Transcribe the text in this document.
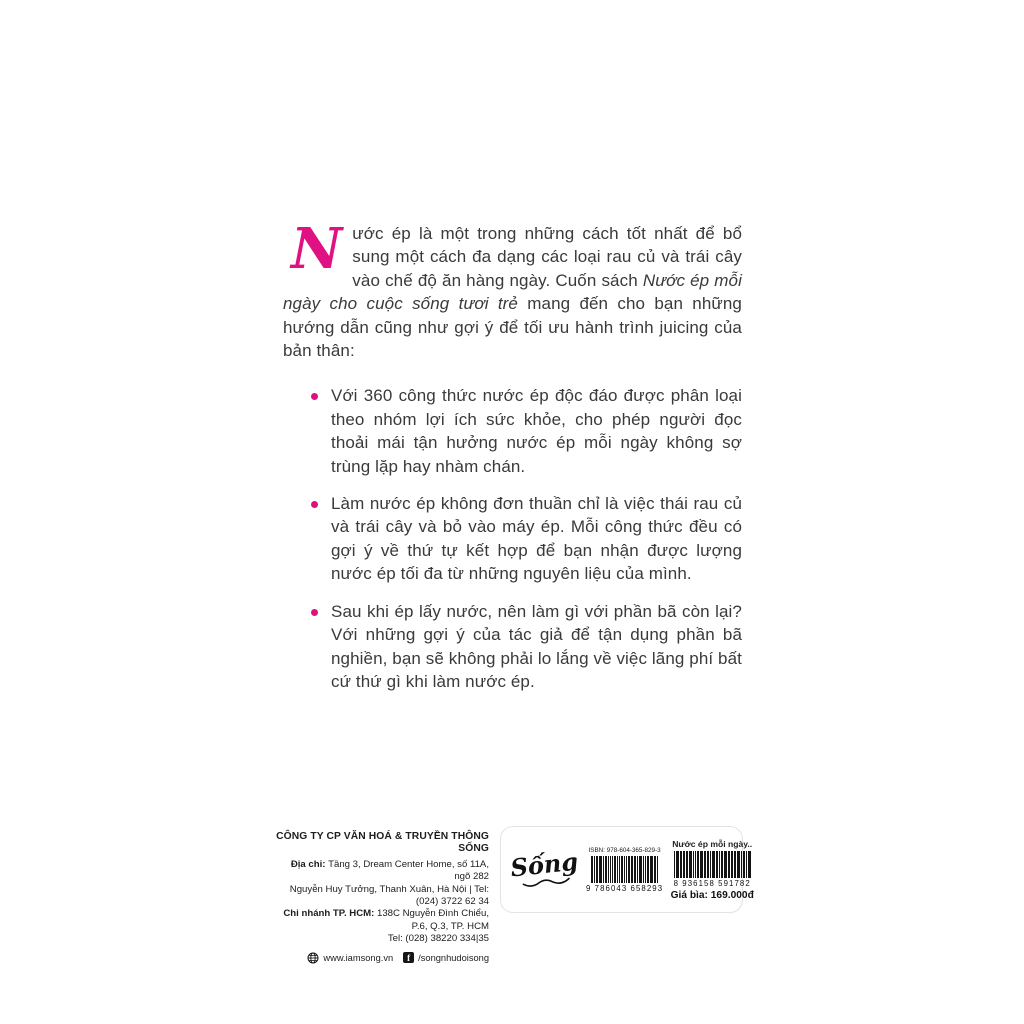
Nước ép là một trong những cách tốt nhất để bổ sung một cách đa dạng các loại rau củ và trái cây vào chế độ ăn hàng ngày. Cuốn sách Nước ép mỗi ngày cho cuộc sống tươi trẻ mang đến cho bạn những hướng dẫn cũng như gợi ý để tối ưu hành trình juicing của bản thân:

Với 360 công thức nước ép độc đáo được phân loại theo nhóm lợi ích sức khỏe, cho phép người đọc thoải mái tận hưởng nước ép mỗi ngày không sợ trùng lặp hay nhàm chán.
Làm nước ép không đơn thuần chỉ là việc thái rau củ và trái cây và bỏ vào máy ép. Mỗi công thức đều có gợi ý về thứ tự kết hợp để bạn nhận được lượng nước ép tối đa từ những nguyên liệu của mình.
Sau khi ép lấy nước, nên làm gì với phần bã còn lại? Với những gợi ý của tác giả để tận dụng phần bã nghiền, bạn sẽ không phải lo lắng về việc lãng phí bất cứ thứ gì khi làm nước ép.
CÔNG TY CP VĂN HOÁ & TRUYỀN THÔNG SỐNG
Địa chỉ: Tầng 3, Dream Center Home, số 11A, ngõ 282
Nguyễn Huy Tưởng, Thanh Xuân, Hà Nội | Tel: (024) 3722 62 34
Chi nhánh TP. HCM: 138C Nguyễn Đình Chiểu, P.6, Q.3, TP. HCM
Tel: (028) 38220 334|35
www.iamsong.vn	f /songnhudoisong
Sống ISBN: 978-604-365-829-3
9 786043 658293
Nước ép mỗi ngày..
8 936158 591782
Giá bìa: 169.000đ
